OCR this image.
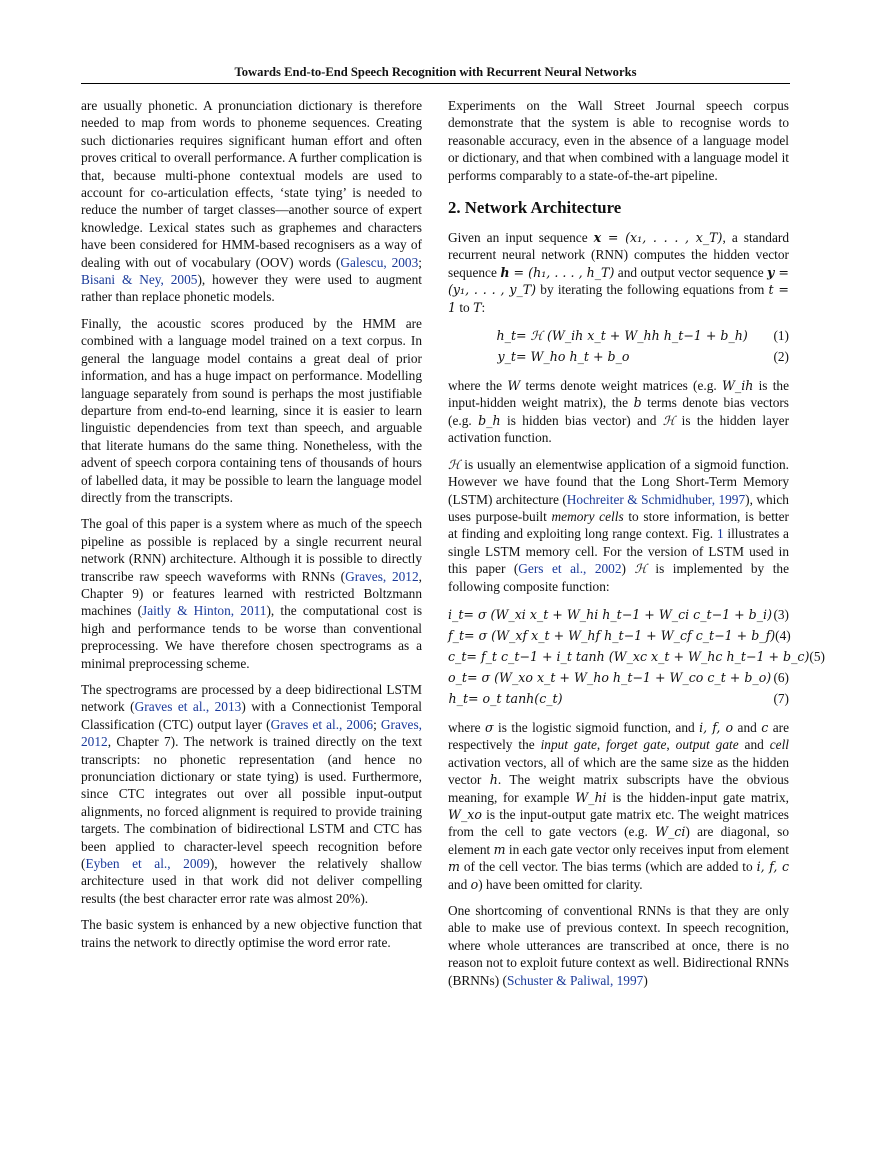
Towards End-to-End Speech Recognition with Recurrent Neural Networks

are usually phonetic. A pronunciation dictionary is therefore needed to map from words to phoneme sequences. Creating such dictionaries requires significant human effort and often proves critical to overall performance. A further complication is that, because multi-phone contextual models are used to account for co-articulation effects, ‘state tying’ is needed to reduce the number of target classes—another source of expert knowledge. Lexical states such as graphemes and characters have been considered for HMM-based recognisers as a way of dealing with out of vocabulary (OOV) words (Galescu, 2003; Bisani & Ney, 2005), however they were used to augment rather than replace phonetic models.

Finally, the acoustic scores produced by the HMM are combined with a language model trained on a text corpus. In general the language model contains a great deal of prior information, and has a huge impact on performance. Modelling language separately from sound is perhaps the most justifiable departure from end-to-end learning, since it is easier to learn linguistic dependencies from text than speech, and arguable that literate humans do the same thing. Nonetheless, with the advent of speech corpora containing tens of thousands of hours of labelled data, it may be possible to learn the language model directly from the transcripts.

The goal of this paper is a system where as much of the speech pipeline as possible is replaced by a single recurrent neural network (RNN) architecture. Although it is possible to directly transcribe raw speech waveforms with RNNs (Graves, 2012, Chapter 9) or features learned with restricted Boltzmann machines (Jaitly & Hinton, 2011), the computational cost is high and performance tends to be worse than conventional preprocessing. We have therefore chosen spectrograms as a minimal preprocessing scheme.

The spectrograms are processed by a deep bidirectional LSTM network (Graves et al., 2013) with a Connectionist Temporal Classification (CTC) output layer (Graves et al., 2006; Graves, 2012, Chapter 7). The network is trained directly on the text transcripts: no phonetic representation (and hence no pronunciation dictionary or state tying) is used. Furthermore, since CTC integrates out over all possible input-output alignments, no forced alignment is required to provide training targets. The combination of bidirectional LSTM and CTC has been applied to character-level speech recognition before (Eyben et al., 2009), however the relatively shallow architecture used in that work did not deliver compelling results (the best character error rate was almost 20%).

The basic system is enhanced by a new objective function that trains the network to directly optimise the word error rate.

Experiments on the Wall Street Journal speech corpus demonstrate that the system is able to recognise words to reasonable accuracy, even in the absence of a language model or dictionary, and that when combined with a language model it performs comparably to a state-of-the-art pipeline.

2. Network Architecture

Given an input sequence x = (x₁, . . . , x_T), a standard recurrent neural network (RNN) computes the hidden vector sequence h = (h₁, . . . , h_T) and output vector sequence y = (y₁, . . . , y_T) by iterating the following equations from t = 1 to T:

h_t = ℋ (W_ih x_t + W_hh h_t−1 + b_h)	(1)
y_t = W_ho h_t + b_o	(2)

where the W terms denote weight matrices (e.g. W_ih is the input-hidden weight matrix), the b terms denote bias vectors (e.g. b_h is hidden bias vector) and ℋ is the hidden layer activation function.

ℋ is usually an elementwise application of a sigmoid function. However we have found that the Long Short-Term Memory (LSTM) architecture (Hochreiter & Schmidhuber, 1997), which uses purpose-built memory cells to store information, is better at finding and exploiting long range context. Fig. 1 illustrates a single LSTM memory cell. For the version of LSTM used in this paper (Gers et al., 2002) ℋ is implemented by the following composite function:

i_t = σ (W_xi x_t + W_hi h_t−1 + W_ci c_t−1 + b_i) (3)
f_t = σ (W_xf x_t + W_hf h_t−1 + W_cf c_t−1 + b_f) (4)
c_t = f_t c_t−1 + i_t tanh (W_xc x_t + W_hc h_t−1 + b_c) (5)
o_t = σ (W_xo x_t + W_ho h_t−1 + W_co c_t + b_o) (6)
h_t = o_t tanh(c_t)	(7)

where σ is the logistic sigmoid function, and i, f, o and c are respectively the input gate, forget gate, output gate and cell activation vectors, all of which are the same size as the hidden vector h. The weight matrix subscripts have the obvious meaning, for example W_hi is the hidden-input gate matrix, W_xo is the input-output gate matrix etc. The weight matrices from the cell to gate vectors (e.g. W_ci) are diagonal, so element m in each gate vector only receives input from element m of the cell vector. The bias terms (which are added to i, f, c and o) have been omitted for clarity.

One shortcoming of conventional RNNs is that they are only able to make use of previous context. In speech recognition, where whole utterances are transcribed at once, there is no reason not to exploit future context as well. Bidirectional RNNs (BRNNs) (Schuster & Paliwal, 1997)
